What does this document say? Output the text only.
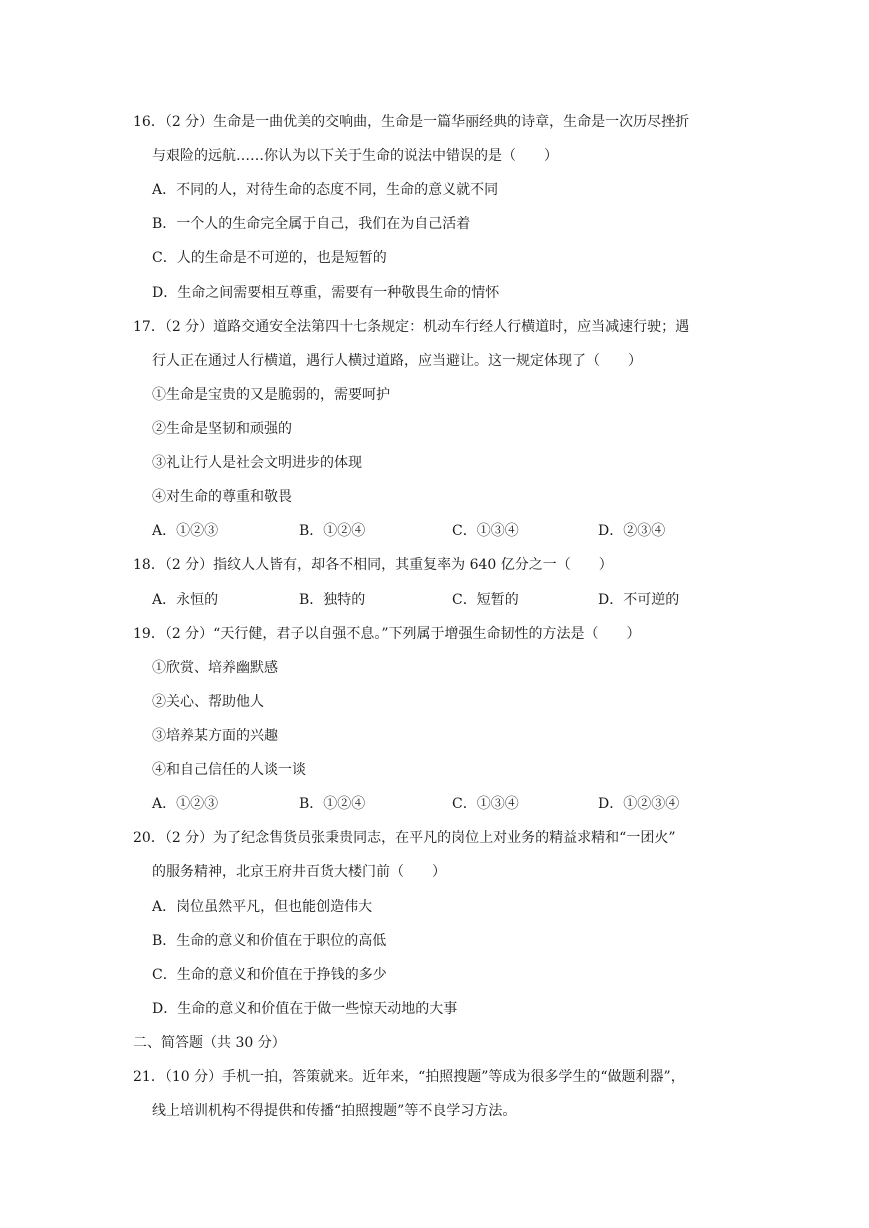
16．（2 分）生命是一曲优美的交响曲，生命是一篇华丽经典的诗章，生命是一次历尽挫折
与艰险的远航……你认为以下关于生命的说法中错误的是（　　）
A．不同的人，对待生命的态度不同，生命的意义就不同
B．一个人的生命完全属于自己，我们在为自己活着
C．人的生命是不可逆的，也是短暂的
D．生命之间需要相互尊重，需要有一种敬畏生命的情怀
17．（2 分）道路交通安全法第四十七条规定：机动车行经人行横道时，应当减速行驶；遇
行人正在通过人行横道，遇行人横过道路，应当避让。这一规定体现了（　　）
①生命是宝贵的又是脆弱的，需要呵护
②生命是坚韧和顽强的
③礼让行人是社会文明进步的体现
④对生命的尊重和敬畏
A．①②③	B．①②④	C．①③④	D．②③④
18．（2 分）指纹人人皆有，却各不相同，其重复率为 640 亿分之一（　　）
A．永恒的	B．独特的	C．短暂的	D．不可逆的
19．（2 分）“天行健，君子以自强不息。”下列属于增强生命韧性的方法是（　　）
①欣赏、培养幽默感
②关心、帮助他人
③培养某方面的兴趣
④和自己信任的人谈一谈
A．①②③	B．①②④	C．①③④	D．①②③④
20．（2 分）为了纪念售货员张秉贵同志，在平凡的岗位上对业务的精益求精和“一团火”
的服务精神，北京王府井百货大楼门前（　　）
A．岗位虽然平凡，但也能创造伟大
B．生命的意义和价值在于职位的高低
C．生命的意义和价值在于挣钱的多少
D．生命的意义和价值在于做一些惊天动地的大事
二、简答题（共 30 分）
21．（10 分）手机一拍，答策就来。近年来，“拍照搜题”等成为很多学生的“做题利器”，
线上培训机构不得提供和传播“拍照搜题”等不良学习方法。
